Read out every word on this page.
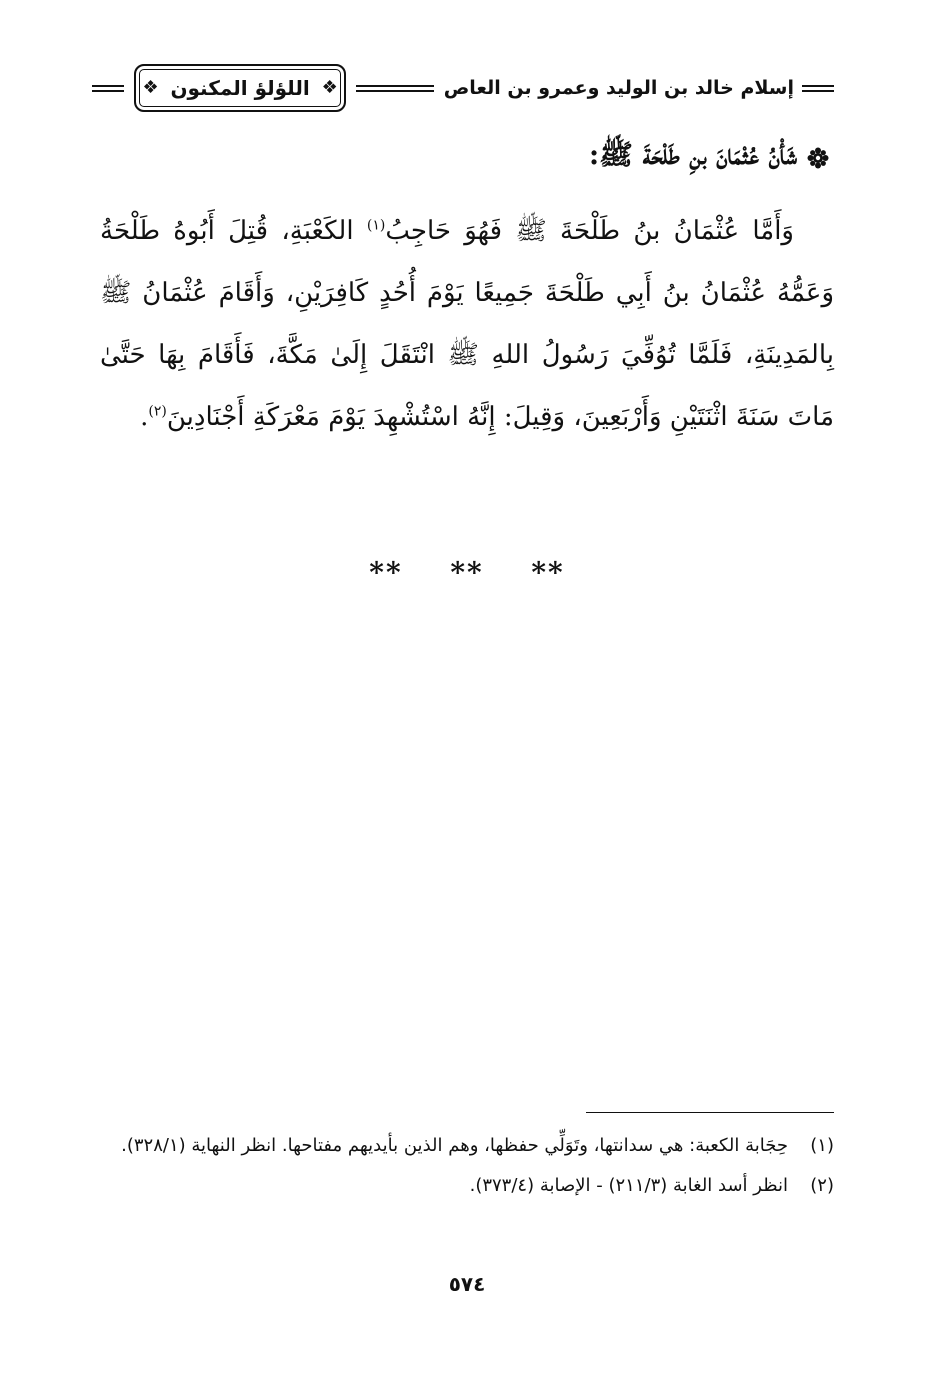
إسلام خالد بن الوليد وعمرو بن العاص
❖
اللؤلؤ المكنون
❖
شَأْنُ عُثْمَانَ بنِ طَلْحَةَ ﷺ:

وَأَمَّا عُثْمَانُ بنُ طَلْحَةَ ﷺ فَهُوَ حَاجِبُ$^{(١)}$ الكَعْبَةِ، قُتِلَ أَبُوهُ طَلْحَةُ وَعَمُّهُ عُثْمَانُ بنُ أَبِي طَلْحَةَ جَمِيعًا يَوْمَ أُحُدٍ كَافِرَيْنِ، وَأَقَامَ عُثْمَانُ ﷺ بِالمَدِينَةِ، فَلَمَّا تُوُفِّيَ رَسُولُ اللهِ ﷺ انْتَقَلَ إِلَىٰ مَكَّةَ، فَأَقَامَ بِهَا حَتَّىٰ مَاتَ سَنَةَ اثْنَتَيْنِ وَأَرْبَعِينَ، وَقِيلَ: إِنَّهُ اسْتُشْهِدَ يَوْمَ مَعْرَكَةِ أَجْنَادِينَ$^{(٢)}$.

** ** **
(١)
حِجَابة الكعبة: هي سدانتها، وتَوَلِّي حفظها، وهم الذين بأيديهم مفتاحها. انظر النهاية (٣٢٨/١).
(٢)
انظر أسد الغابة (٢١١/٣) - الإصابة (٣٧٣/٤).
٥٧٤
